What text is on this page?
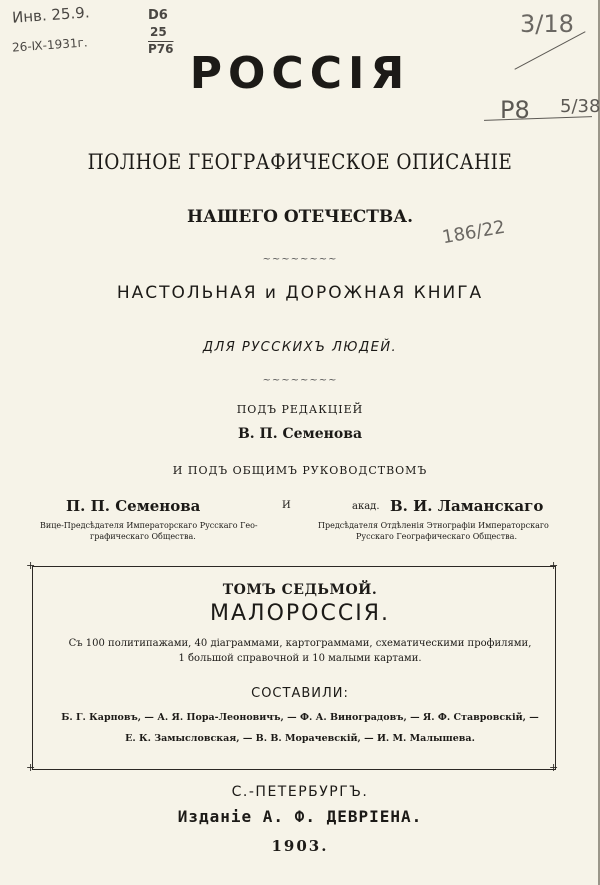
Инв. 25.9.
26-Ⅸ-1931г.
D6
25
Р76
3/18
Р8 5/38
186/22
РОССIЯ
ПОЛНОЕ ГЕОГРАФИЧЕСКОЕ ОПИСАНIЕ
НАШЕГО ОТЕЧЕСТВА.
~~~~~~~~
НАСТОЛЬНАЯ и ДОРОЖНАЯ КНИГА
ДЛЯ РУССКИХЪ ЛЮДЕЙ.
~~~~~~~~
ПОДЪ РЕДАКЦIЕЙ
В. П. Семенова
И ПОДЪ ОБЩИМЪ РУКОВОДСТВОМЪ
П. П. Семенова	И	акад. В. И. Ламанскаго
Вице-Предсѣдателя Императорскаго Русскаго Гео-
графическаго Общества.
Предсѣдателя Отдѣленiя Этнографiи Императорскаго
Русскаго Географическаго Общества.
+	+
+	+
ТОМЪ СЕДЬМОЙ.
МАЛОРОССIЯ.
Съ 100 политипажами, 40 дiаграммами, картограммами, схематическими профилями,
1 большой справочной и 10 малыми картами.
СОСТАВИЛИ:
Б. Г. Карповъ, — А. Я. Пора-Леоновичъ, — Ф. А. Виноградовъ, — Я. Ф. Ставровскiй, —
Е. К. Замысловская, — В. В. Морачевскiй, — И. М. Малышева.
С.-ПЕТЕРБУРГЪ.
Изданiе А. Ф. ДЕВРIЕНА.
1903.
